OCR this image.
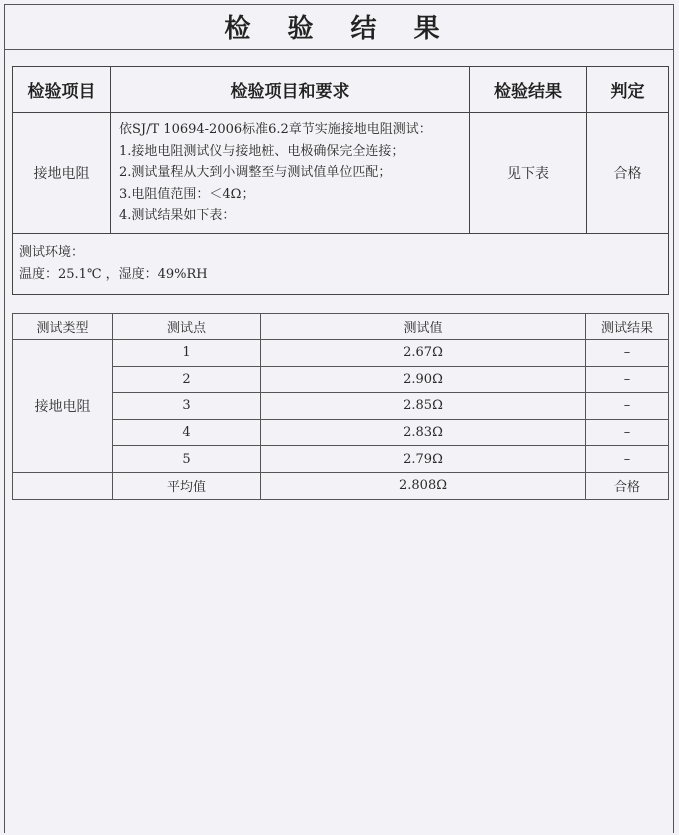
检 验 结 果
检验项目	检验项目和要求	检验结果	判定
接地电阻	依SJ/T 10694-2006标准6.2章节实施接地电阻测试：
1.接地电阻测试仪与接地桩、电极确保完全连接；
2.测试量程从大到小调整至与测试值单位匹配；
3.电阻值范围：＜4Ω；
4.测试结果如下表：	见下表	合格

测试环境：
温度：25.1℃ ，湿度：49%RH			
测试类型	测试点	测试值	测试结果
接地电阻	1	2.67Ω	–
	2	2.90Ω	–
	3	2.85Ω	–
	4	2.83Ω	–
	5	2.79Ω	–
	平均值	2.808Ω	合格
